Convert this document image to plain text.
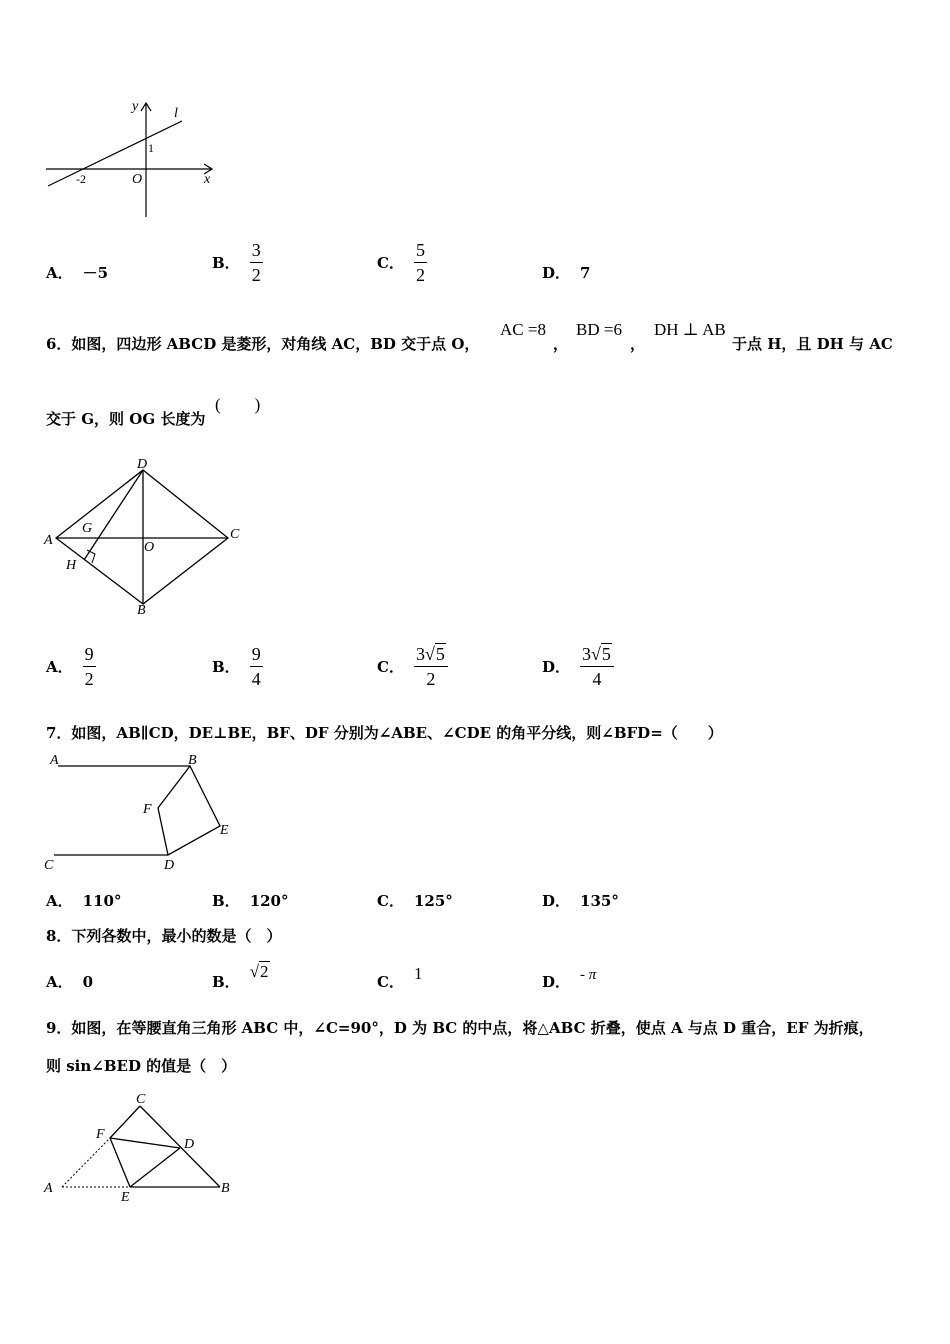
y	l
1
-2	O	x
A． －5
B． $\frac{3}{2}$	C． $\frac{5}{2}$	D． 7
6．如图，四边形 ABCD 是菱形，对角线 AC，BD 交于点 O，
AC =8
，
BD =6
，
DH ⊥ AB
于点 H，且 DH 与 AC
交于 G，则 OG 长度为
(        )
D
A	C
G
O
H
B
A． $\frac{9}{2}$	B． $\frac{9}{4}$	C． $\frac{3√5}{2}$	D． $\frac{3√5}{4}$
7．如图，AB∥CD，DE⊥BE，BF、DF 分别为∠ABE、∠CDE 的角平分线，则∠BFD=（　　）
A	B
F
E
C	D
A． 110°	B． 120°	C． 125°	D． 135°
8．下列各数中，最小的数是（　）
A． 0	B．√2
C． 1	D． - π
9．如图，在等腰直角三角形 ABC 中，∠C=90°，D 为 BC 的中点，将△ABC 折叠，使点 A 与点 D 重合，EF 为折痕，
则 sin∠BED 的值是（　）
C
F
D
A
E
B
